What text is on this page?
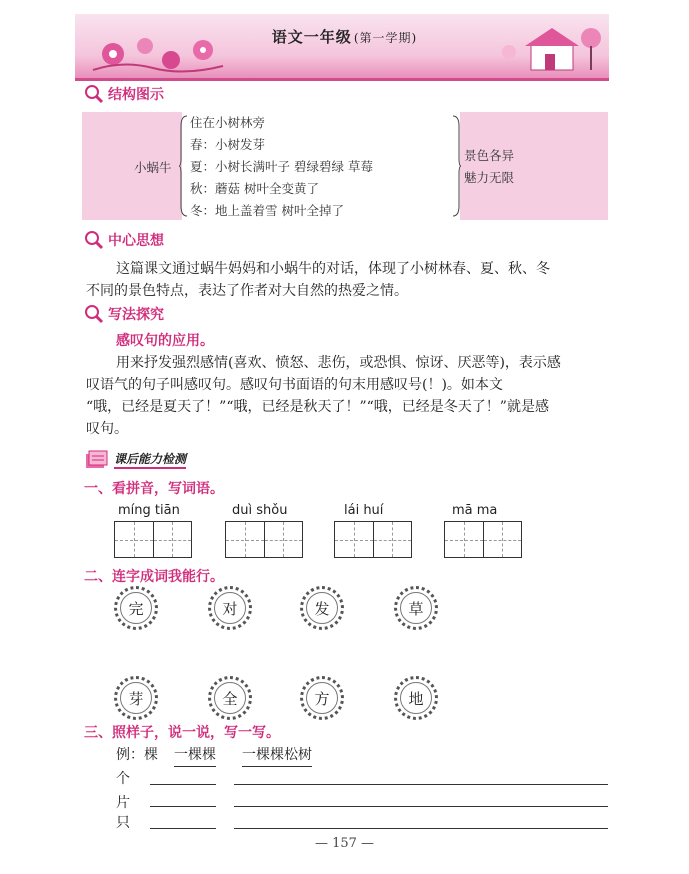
语文一年级 (第一学期)
结构图示
小蜗牛
住在小树林旁
春：小树发芽
夏：小树长满叶子 碧绿碧绿 草莓
秋：蘑菇 树叶全变黄了
冬：地上盖着雪 树叶全掉了
景色各异
魅力无限
中心思想
这篇课文通过蜗牛妈妈和小蜗牛的对话，体现了小树林春、夏、秋、冬
不同的景色特点，表达了作者对大自然的热爱之情。
写法探究
感叹句的应用。
用来抒发强烈感情(喜欢、愤怒、悲伤，或恐惧、惊讶、厌恶等)，表示感
叹语气的句子叫感叹句。感叹句书面语的句末用感叹号(！)。如本文
“哦，已经是夏天了！”“哦，已经是秋天了！”“哦，已经是冬天了！”就是感
叹句。
课后能力检测
一、看拼音，写词语。
míng tiān	duì shǒu	lái huí	mā ma
二、连字成词我能行。
完	对	发	草
芽	全	方	地
三、照样子，说一说，写一写。
例：棵 一棵棵 一棵棵松树
个
片
只
— 157 —
